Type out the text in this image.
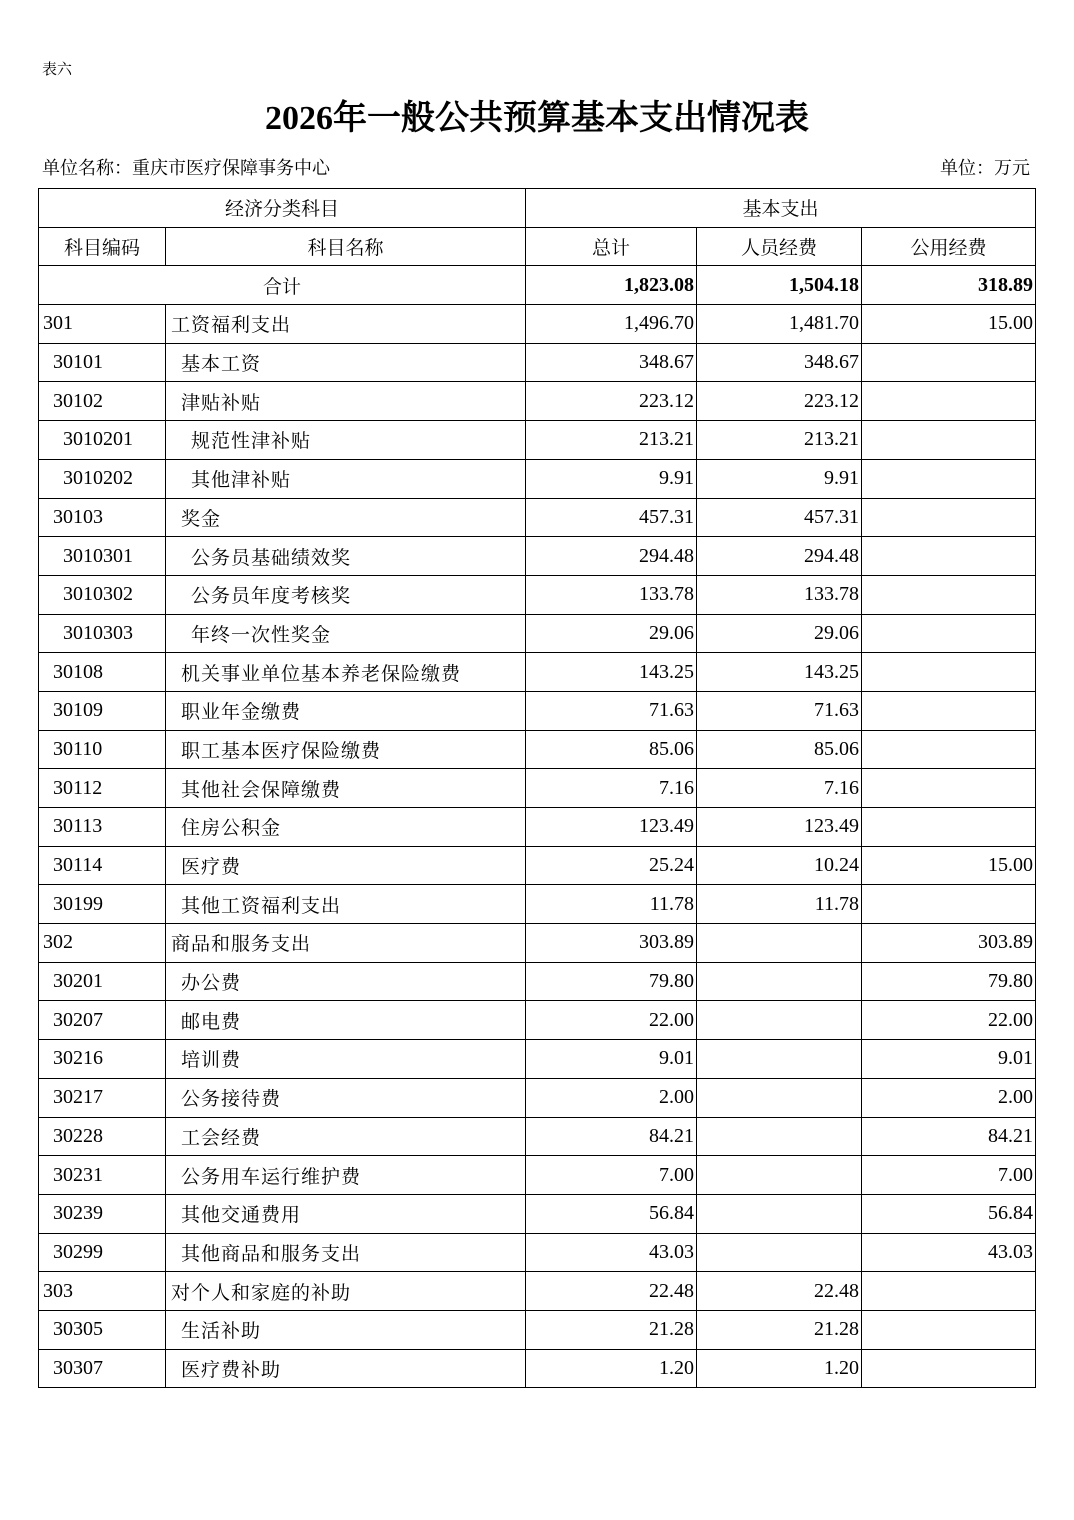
表六
2026年一般公共预算基本支出情况表
单位名称：重庆市医疗保障事务中心	单位：万元
经济分类科目		基本支出		
科目编码	科目名称	总计	人员经费	公用经费
合计		1,823.08	1,504.18	318.89
301	工资福利支出	1,496.70	1,481.70	15.00
30101	基本工资	348.67	348.67	
30102	津贴补贴	223.12	223.12	
3010201	规范性津补贴	213.21	213.21	
3010202	其他津补贴	9.91	9.91	
30103	奖金	457.31	457.31	
3010301	公务员基础绩效奖	294.48	294.48	
3010302	公务员年度考核奖	133.78	133.78	
3010303	年终一次性奖金	29.06	29.06	
30108	机关事业单位基本养老保险缴费	143.25	143.25	
30109	职业年金缴费	71.63	71.63	
30110	职工基本医疗保险缴费	85.06	85.06	
30112	其他社会保障缴费	7.16	7.16	
30113	住房公积金	123.49	123.49	
30114	医疗费	25.24	10.24	15.00
30199	其他工资福利支出	11.78	11.78	
302	商品和服务支出	303.89		303.89
30201	办公费	79.80		79.80
30207	邮电费	22.00		22.00
30216	培训费	9.01		9.01
30217	公务接待费	2.00		2.00
30228	工会经费	84.21		84.21
30231	公务用车运行维护费	7.00		7.00
30239	其他交通费用	56.84		56.84
30299	其他商品和服务支出	43.03		43.03
303	对个人和家庭的补助	22.48	22.48	
30305	生活补助	21.28	21.28	
30307	医疗费补助	1.20	1.20	
